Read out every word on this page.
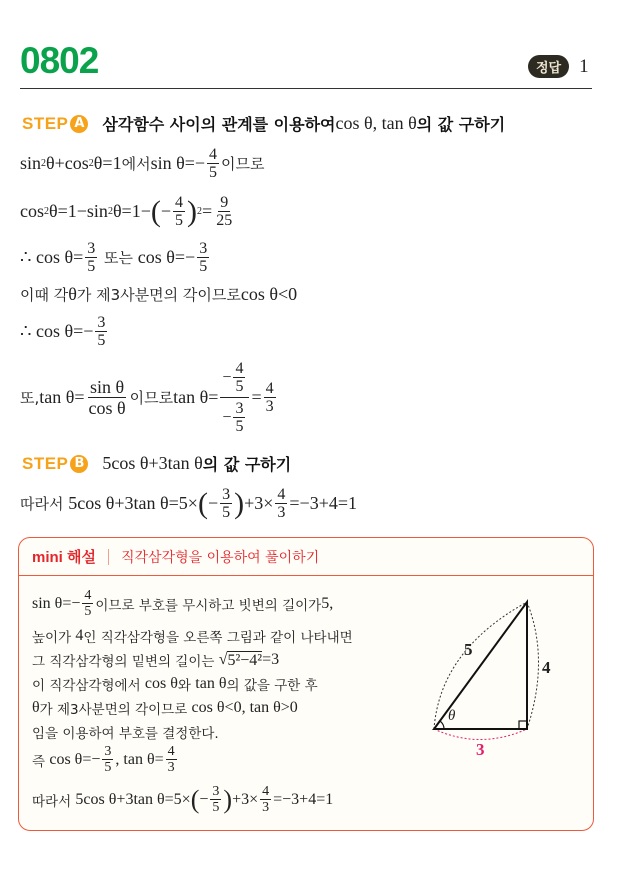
0802	정답 1
STEP A 삼각함수 사이의 관계를 이용하여 cos θ, tan θ 의 값 구하기
sin 2 θ+cos 2 θ=1 에서 $\sin \theta=- \frac{4}{5}$ 이므로
cos 2 θ=1−sin 2 θ=1− ( − $\frac{4}{5}$ ) $2 = \frac{9}{25}$
∴ $\cos \theta= \frac{3}{5}$ 또는 $\cos \theta=- \frac{3}{5}$
이때 각 θ 가 제3사분면의 각이므로 cos θ<0
∴ $\cos \theta=- \frac{3}{5}$
또, $\tan \theta= \frac{\text{sin θ}}{\text{cos θ}}$ 이므로 $\tan \theta= \frac{- \frac{4}{5}}{- \frac{3}{5}} = \frac{4}{3}$
STEP B 5cos θ+3tan θ 의 값 구하기
따라서 5cos θ+3tan θ=5× ( − $\frac{3}{5}$ ) $+3\times \frac{4}{3} =-3+4=1$
mini 해설 직각삼각형을 이용하여 풀이하기
$\sin \theta=- \frac{4}{5}$ 이므로 부호를 무시하고 빗변의 길이가 5,
높이가 4 인 직각삼각형을 오른쪽 그림과 같이 나타내면
그 직각삼각형의 밑변의 길이는 √ 5²−4² =3
이 직각삼각형에서 cos θ 와 tan θ 의 값을 구한 후
θ 가 제3사분면의 각이므로 cos θ<0, tan θ>0
임을 이용하여 부호를 결정한다.
즉 $\cos \theta=- \frac{3}{5}$ , $\tan \theta= \frac{4}{3}$
따라서 5cos θ+3tan θ=5× ( − $\frac{3}{5}$ ) $+3\times \frac{4}{3} =-3+4=1$
5
4
3
θ
